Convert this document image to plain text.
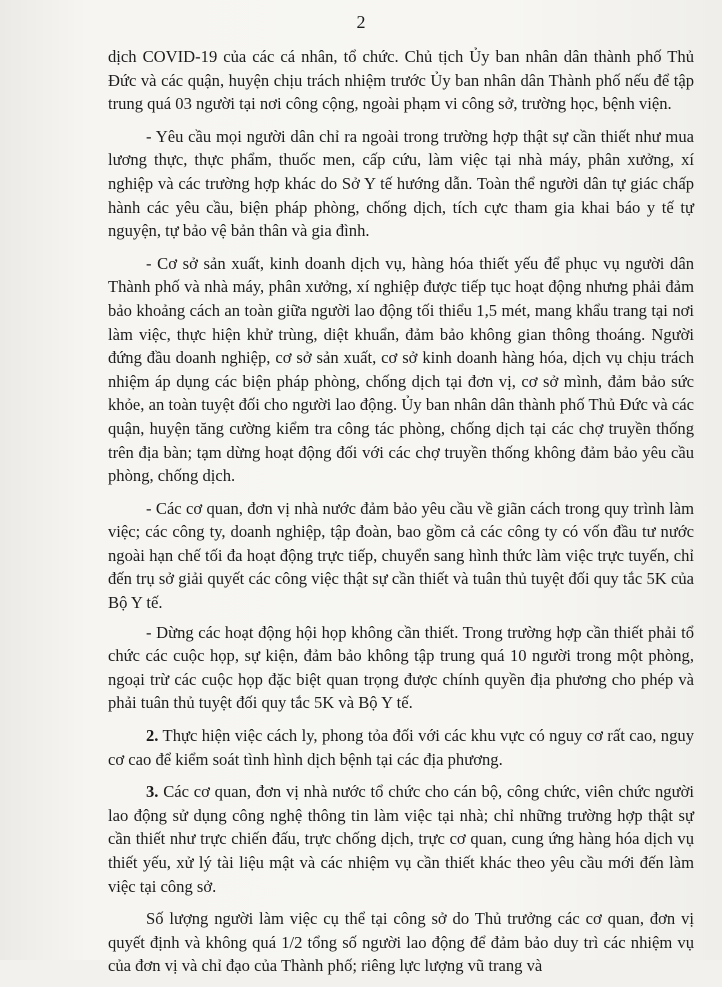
2

dịch COVID-19 của các cá nhân, tổ chức. Chủ tịch Ủy ban nhân dân thành phố Thủ Đức và các quận, huyện chịu trách nhiệm trước Ủy ban nhân dân Thành phố nếu để tập trung quá 03 người tại nơi công cộng, ngoài phạm vi công sở, trường học, bệnh viện.

- Yêu cầu mọi người dân chỉ ra ngoài trong trường hợp thật sự cần thiết như mua lương thực, thực phẩm, thuốc men, cấp cứu, làm việc tại nhà máy, phân xưởng, xí nghiệp và các trường hợp khác do Sở Y tế hướng dẫn. Toàn thể người dân tự giác chấp hành các yêu cầu, biện pháp phòng, chống dịch, tích cực tham gia khai báo y tế tự nguyện, tự bảo vệ bản thân và gia đình.

- Cơ sở sản xuất, kinh doanh dịch vụ, hàng hóa thiết yếu để phục vụ người dân Thành phố và nhà máy, phân xưởng, xí nghiệp được tiếp tục hoạt động nhưng phải đảm bảo khoảng cách an toàn giữa người lao động tối thiểu 1,5 mét, mang khẩu trang tại nơi làm việc, thực hiện khử trùng, diệt khuẩn, đảm bảo không gian thông thoáng. Người đứng đầu doanh nghiệp, cơ sở sản xuất, cơ sở kinh doanh hàng hóa, dịch vụ chịu trách nhiệm áp dụng các biện pháp phòng, chống dịch tại đơn vị, cơ sở mình, đảm bảo sức khỏe, an toàn tuyệt đối cho người lao động. Ủy ban nhân dân thành phố Thủ Đức và các quận, huyện tăng cường kiểm tra công tác phòng, chống dịch tại các chợ truyền thống trên địa bàn; tạm dừng hoạt động đối với các chợ truyền thống không đảm bảo yêu cầu phòng, chống dịch.

- Các cơ quan, đơn vị nhà nước đảm bảo yêu cầu về giãn cách trong quy trình làm việc; các công ty, doanh nghiệp, tập đoàn, bao gồm cả các công ty có vốn đầu tư nước ngoài hạn chế tối đa hoạt động trực tiếp, chuyển sang hình thức làm việc trực tuyến, chỉ đến trụ sở giải quyết các công việc thật sự cần thiết và tuân thủ tuyệt đối quy tắc 5K của Bộ Y tế.

- Dừng các hoạt động hội họp không cần thiết. Trong trường hợp cần thiết phải tổ chức các cuộc họp, sự kiện, đảm bảo không tập trung quá 10 người trong một phòng, ngoại trừ các cuộc họp đặc biệt quan trọng được chính quyền địa phương cho phép và phải tuân thủ tuyệt đối quy tắc 5K và Bộ Y tế.

2. Thực hiện việc cách ly, phong tỏa đối với các khu vực có nguy cơ rất cao, nguy cơ cao để kiểm soát tình hình dịch bệnh tại các địa phương.

3. Các cơ quan, đơn vị nhà nước tổ chức cho cán bộ, công chức, viên chức người lao động sử dụng công nghệ thông tin làm việc tại nhà; chỉ những trường hợp thật sự cần thiết như trực chiến đấu, trực chống dịch, trực cơ quan, cung ứng hàng hóa dịch vụ thiết yếu, xử lý tài liệu mật và các nhiệm vụ cần thiết khác theo yêu cầu mới đến làm việc tại công sở.

Số lượng người làm việc cụ thể tại công sở do Thủ trưởng các cơ quan, đơn vị quyết định và không quá 1/2 tổng số người lao động để đảm bảo duy trì các nhiệm vụ của đơn vị và chỉ đạo của Thành phố; riêng lực lượng vũ trang và
